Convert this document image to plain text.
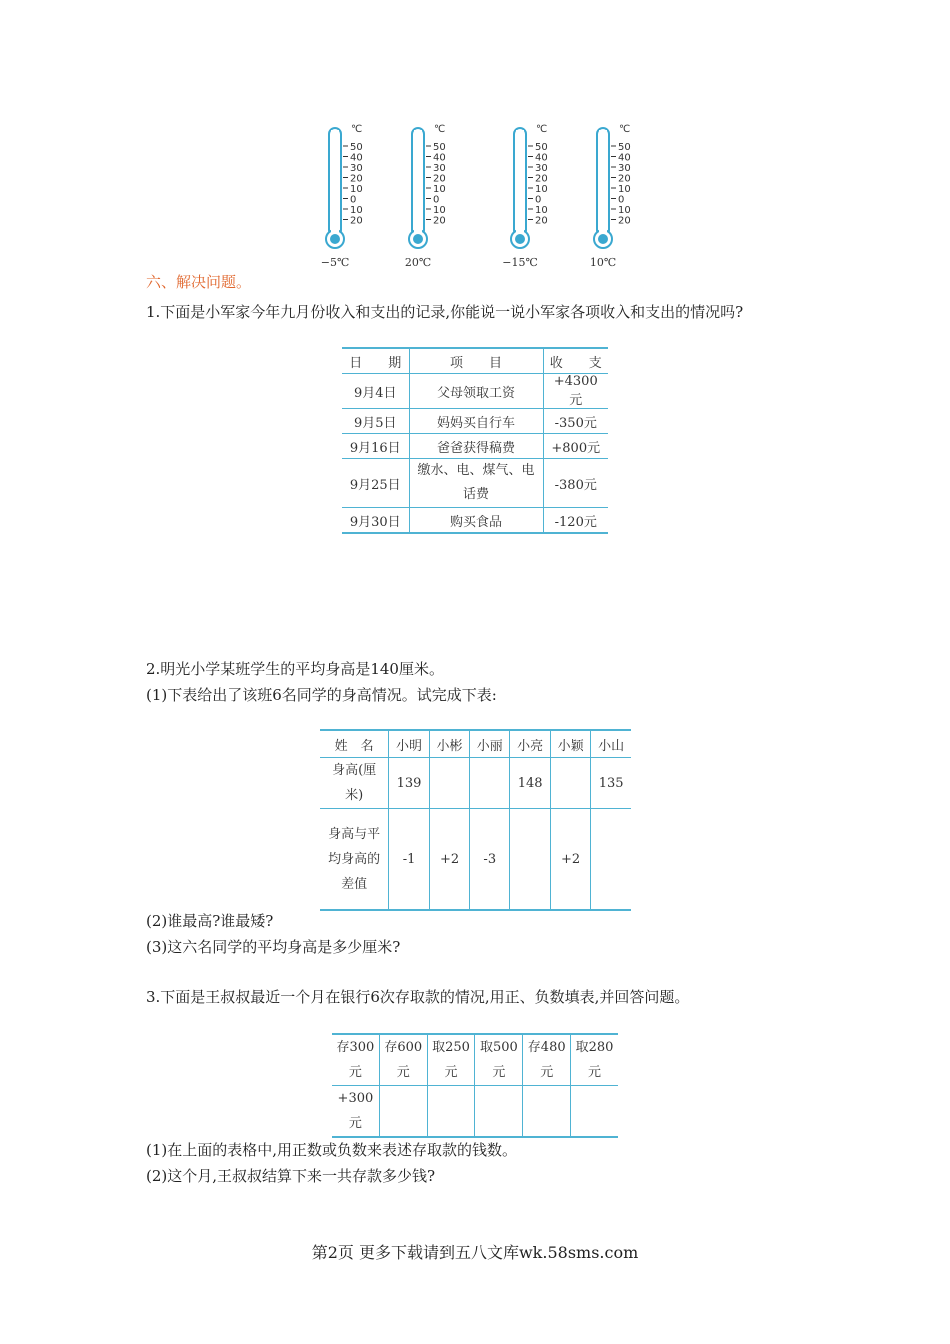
℃
50
40
30
20
10
0
10
20
−5℃
℃
50
40
30
20
10
0
10
20
20℃
℃
50
40
30
20
10
0
10
20
−15℃
℃
50
40
30
20
10
0
10
20
10℃
六、解决问题。
1.下面是小军家今年九月份收入和支出的记录,你能说一说小军家各项收入和支出的情况吗?
日　　期	项　　目	收　　支
9月4日	父母领取工资	+4300元
9月5日	妈妈买自行车	-350元
9月16日	爸爸获得稿费	+800元
9月25日	缴水、电、煤气、电话费	-380元
9月30日	购买食品	-120元
2.明光小学某班学生的平均身高是140厘米。
(1)下表给出了该班6名同学的身高情况。试完成下表:
姓　名	小明	小彬	小丽	小亮	小颖	小山
身高(厘米)	139			148		135
身高与平均身高的差值	-1	+2	-3		+2	
(2)谁最高?谁最矮?
(3)这六名同学的平均身高是多少厘米?
3.下面是王叔叔最近一个月在银行6次存取款的情况,用正、负数填表,并回答问题。
存300元	存600元	取250元	取500元	存480元	取280元
+300元					
(1)在上面的表格中,用正数或负数来表述存取款的钱数。
(2)这个月,王叔叔结算下来一共存款多少钱?
第2页 更多下载请到五八文库wk.58sms.com
